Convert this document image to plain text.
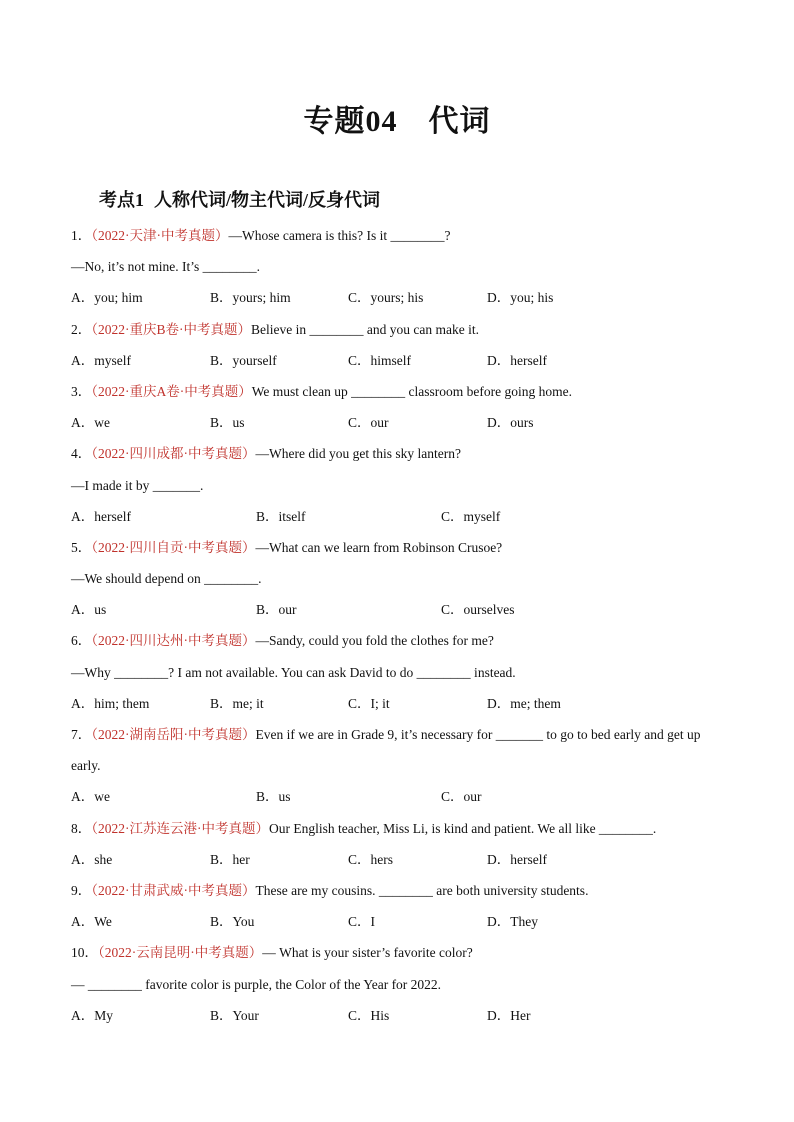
专题04　代词
考点1 人称代词/物主代词/反身代词
1．（2022·天津·中考真题）—Whose camera is this? Is it ________?
—No, it’s not mine. It’s ________.
A．you; him	B．yours; him	C．yours; his	D．you; his
2．（2022·重庆B卷·中考真题）Believe in ________ and you can make it.
A．myself	B．yourself	C．himself	D．herself
3．（2022·重庆A卷·中考真题）We must clean up ________ classroom before going home.
A．we	B．us	C．our	D．ours
4．（2022·四川成都·中考真题）—Where did you get this sky lantern?
—I made it by _______.
A．herself	B．itself	C．myself
5．（2022·四川自贡·中考真题）—What can we learn from Robinson Crusoe?
—We should depend on ________.
A．us	B．our	C．ourselves
6．（2022·四川达州·中考真题）—Sandy, could you fold the clothes for me?
—Why ________? I am not available. You can ask David to do ________ instead.
A．him; them	B．me; it	C．I; it	D．me; them
7．（2022·湖南岳阳·中考真题）Even if we are in Grade 9, it’s necessary for _______ to go to bed early and get up
early.
A．we	B．us	C．our
8．（2022·江苏连云港·中考真题）Our English teacher, Miss Li, is kind and patient. We all like ________.
A．she	B．her	C．hers	D．herself
9．（2022·甘肃武威·中考真题）These are my cousins. ________ are both university students.
A．We	B．You	C．I	D．They
10．（2022·云南昆明·中考真题）— What is your sister’s favorite color?
— ________ favorite color is purple, the Color of the Year for 2022.
A．My	B．Your	C．His	D．Her
